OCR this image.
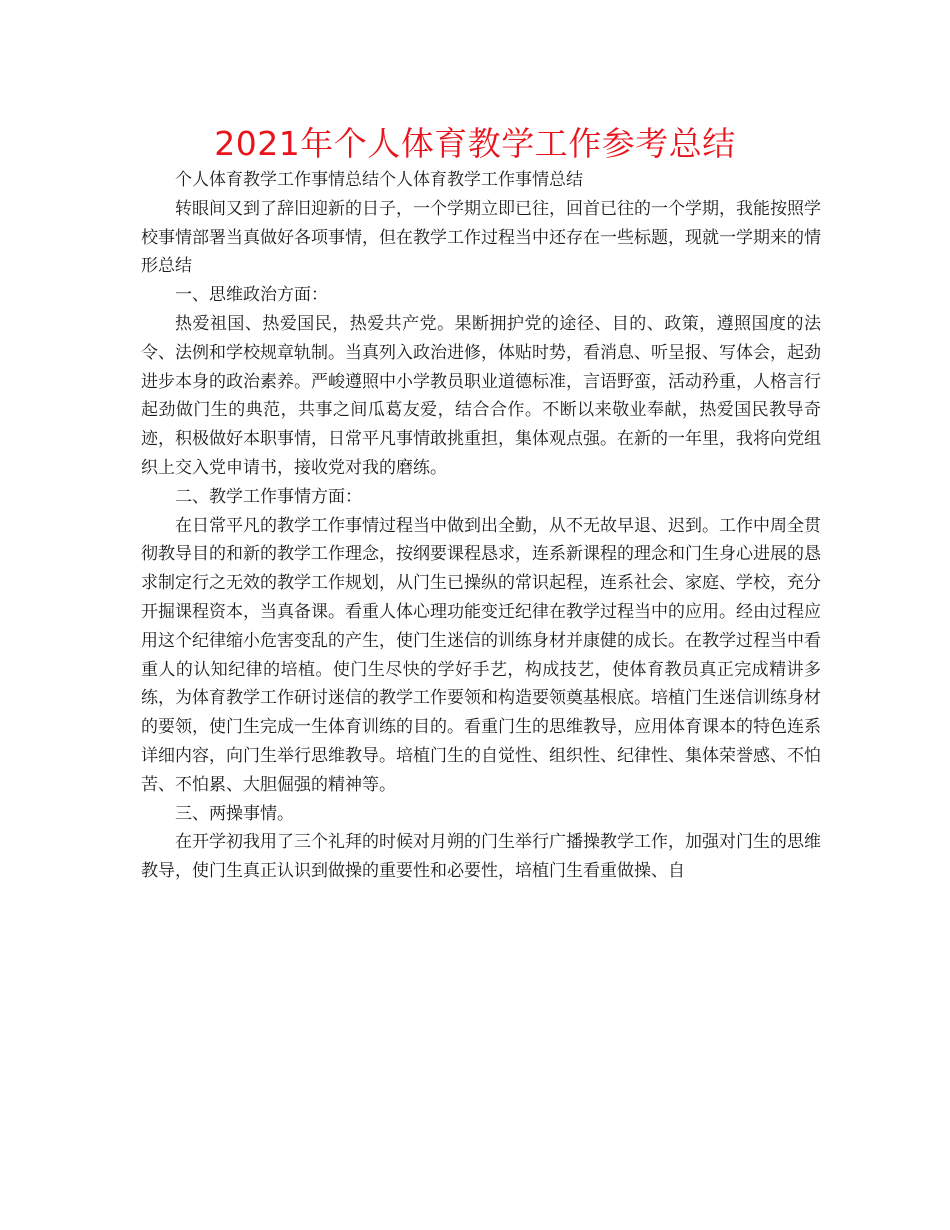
2021年个人体育教学工作参考总结

个人体育教学工作事情总结个人体育教学工作事情总结

转眼间又到了辞旧迎新的日子，一个学期立即已往，回首已往的一个学期，我能按照学校事情部署当真做好各项事情，但在教学工作过程当中还存在一些标题，现就一学期来的情形总结

一、思维政治方面：

热爱祖国、热爱国民，热爱共产党。果断拥护党的途径、目的、政策，遵照国度的法令、法例和学校规章轨制。当真列入政治进修，体贴时势，看消息、听呈报、写体会，起劲进步本身的政治素养。严峻遵照中小学教员职业道德标准，言语野蛮，活动矜重，人格言行起劲做门生的典范，共事之间瓜葛友爱，结合合作。不断以来敬业奉献，热爱国民教导奇迹，积极做好本职事情，日常平凡事情敢挑重担，集体观点强。在新的一年里，我将向党组织上交入党申请书，接收党对我的磨练。

二、教学工作事情方面：

在日常平凡的教学工作事情过程当中做到出全勤，从不无故早退、迟到。工作中周全贯彻教导目的和新的教学工作理念，按纲要课程恳求，连系新课程的理念和门生身心进展的恳求制定行之无效的教学工作规划，从门生已操纵的常识起程，连系社会、家庭、学校，充分开掘课程资本，当真备课。看重人体心理功能变迁纪律在教学过程当中的应用。经由过程应用这个纪律缩小危害变乱的产生，使门生迷信的训练身材并康健的成长。在教学过程当中看重人的认知纪律的培植。使门生尽快的学好手艺，构成技艺，使体育教员真正完成精讲多练，为体育教学工作研讨迷信的教学工作要领和构造要领奠基根底。培植门生迷信训练身材的要领，使门生完成一生体育训练的目的。看重门生的思维教导，应用体育课本的特色连系详细内容，向门生举行思维教导。培植门生的自觉性、组织性、纪律性、集体荣誉感、不怕苦、不怕累、大胆倔强的精神等。

三、两操事情。

在开学初我用了三个礼拜的时候对月朔的门生举行广播操教学工作，加强对门生的思维教导，使门生真正认识到做操的重要性和必要性，培植门生看重做操、自
